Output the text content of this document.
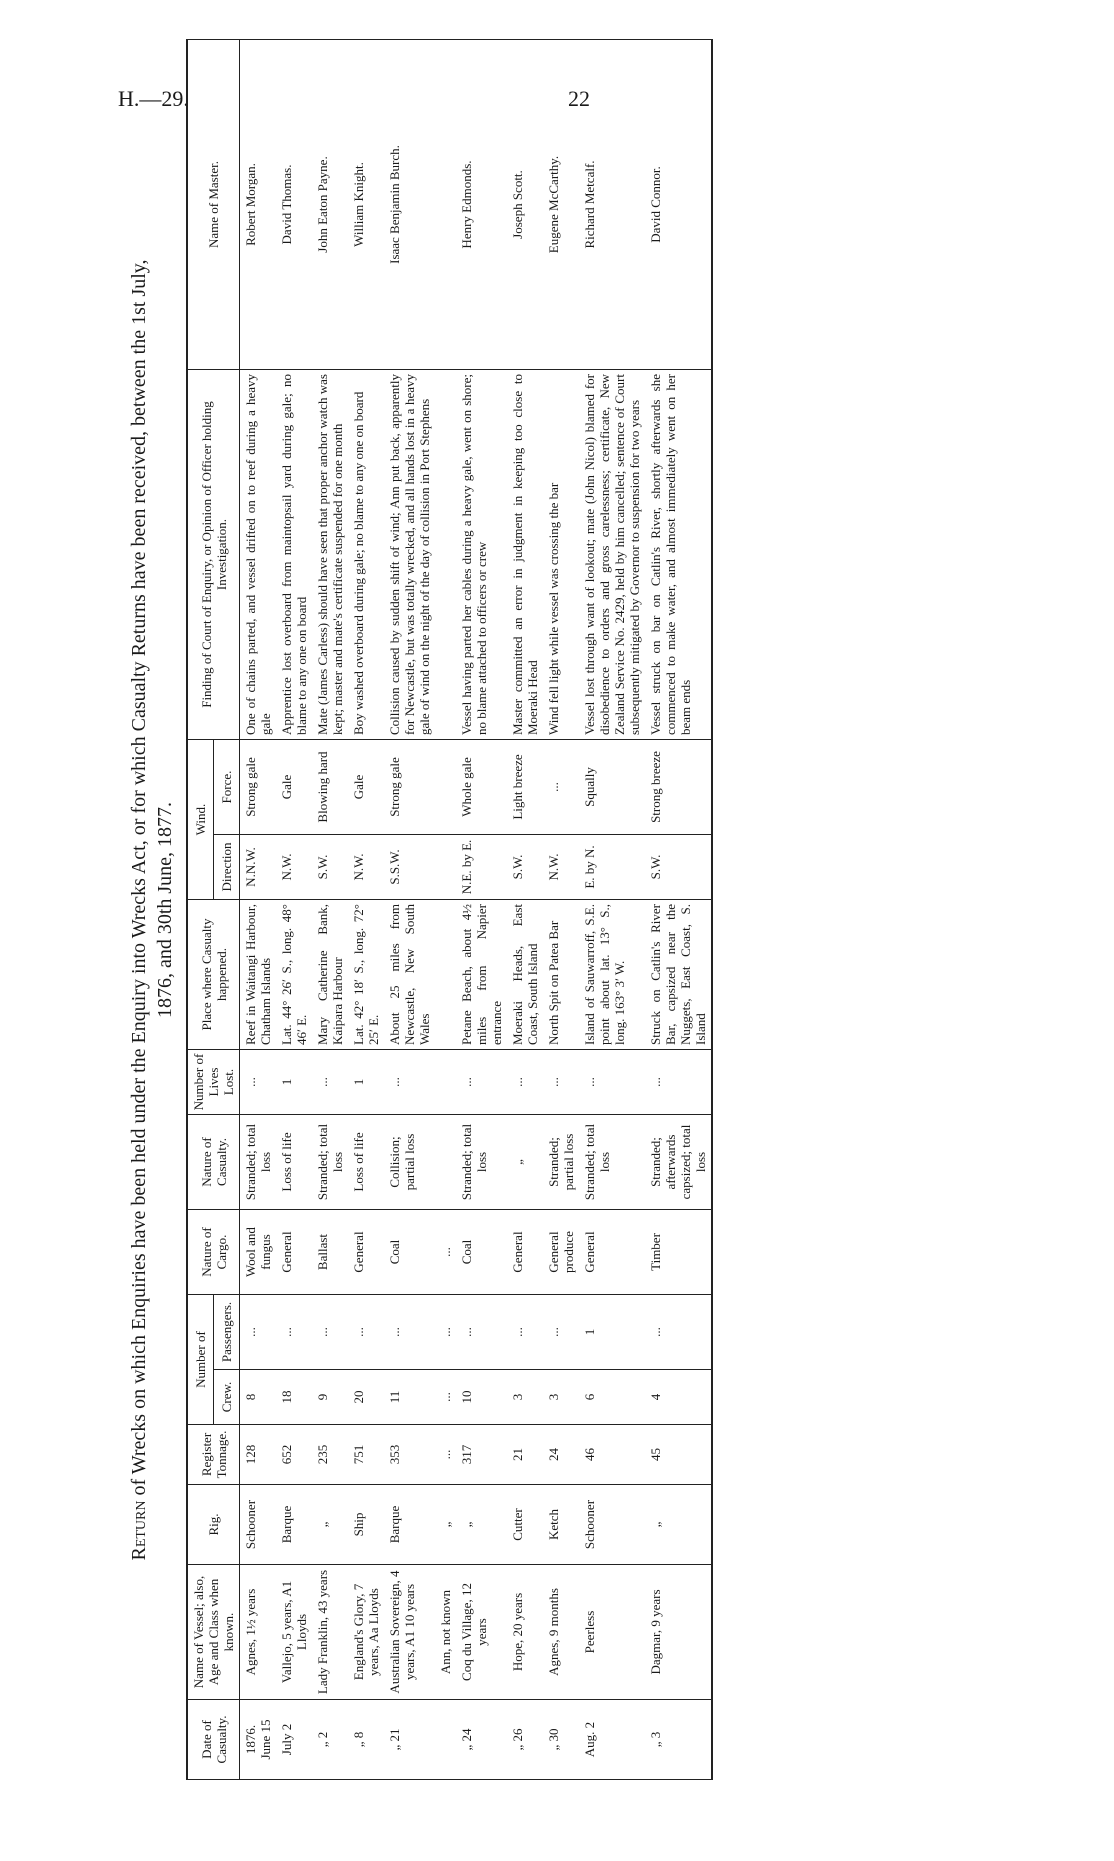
H.—29.	22
Return of Wrecks on which Enquiries have been held under the Enquiry into Wrecks Act, or for which Casualty Returns have been received, between the 1st July, 1876, and 30th June, 1877.
Date of Casualty.	Name of Vessel; also, Age and Class when known.	Rig.	Register Tonnage.	Number of		Nature of Cargo.	Nature of Casualty.	Number of Lives Lost.	Place where Casualty happened.	Wind.		Finding of Court of Enquiry, or Opinion of Officer holding Investigation.	Name of Master.
				Crew.	Passengers.					Direction	Force.		

1876. June 15	Agnes, 1½ years	Schooner	128	8	...	Wool and fungus	Stranded; total loss	...	Reef in Waitangi Harbour, Chatham Islands	N.N.W.	Strong gale	One of chains parted, and vessel drifted on to reef during a heavy gale	Robert Morgan.
July 2	Vallejo, 5 years, A1 Lloyds	Barque	652	18	...	General	Loss of life	1	Lat. 44° 26′ S., long. 48° 46′ E.	N.W.	Gale	Apprentice lost overboard from maintopsail yard during gale; no blame to any one on board	David Thomas.
„ 2	Lady Franklin, 43 years	„	235	9	...	Ballast	Stranded; total loss	...	Mary Catherine Bank, Kaipara Harbour	S.W.	Blowing hard	Mate (James Carless) should have seen that proper anchor watch was kept; master and mate's certificate suspended for one month	John Eaton Payne.
„ 8	England's Glory, 7 years, Aa Lloyds	Ship	751	20	...	General	Loss of life	1	Lat. 42° 18′ S., long. 72° 25′ E.	N.W.	Gale	Boy washed overboard during gale; no blame to any one on board	William Knight.
„ 21	Australian Sovereign, 4 years, A1 10 years	Barque	353	11	...	Coal	Collision; partial loss	...	About 25 miles from Newcastle, New South Wales	S.S.W.	Strong gale	Collision caused by sudden shift of wind; Ann put back, apparently for Newcastle, but was totally wrecked, and all hands lost in a heavy gale of wind on the night of the day of collision in Port Stephens	Isaac Benjamin Burch.
	Ann, not known	„	...	...	...	...							
„ 24	Coq du Village, 12 years	„	317	10	...	Coal	Stranded; total loss	...	Petane Beach, about 4½ miles from Napier entrance	N.E. by E.	Whole gale	Vessel having parted her cables during a heavy gale, went on shore; no blame attached to officers or crew	Henry Edmonds.
„ 26	Hope, 20 years	Cutter	21	3	...	General	„	...	Moeraki Heads, East Coast, South Island	S.W.	Light breeze	Master committed an error in judgment in keeping too close to Moeraki Head	Joseph Scott.
„ 30	Agnes, 9 months	Ketch	24	3	...	General produce	Stranded; partial loss	...	North Spit on Patea Bar	N.W.	...	Wind fell light while vessel was crossing the bar	Eugene McCarthy.
Aug. 2	Peerless	Schooner	46	6	1	General	Stranded; total loss	...	Island of Sauwarroff, S.E. point about lat. 13° S., long. 163° 3′ W.	E. by N.	Squally	Vessel lost through want of lookout; mate (John Nicol) blamed for disobedience to orders and gross carelessness; certificate, New Zealand Service No. 2429, held by him cancelled; sentence of Court subsequently mitigated by Governor to suspension for two years	Richard Metcalf.
„ 3	Dagmar, 9 years	„	45	4	...	Timber	Stranded; afterwards capsized; total loss	...	Struck on Catlin's River Bar, capsized near the Nuggets, East Coast, S. Island	S.W.	Strong breeze	Vessel struck on bar on Catlin's River, shortly afterwards she commenced to make water, and almost immediately went on her beam ends	David Connor.
